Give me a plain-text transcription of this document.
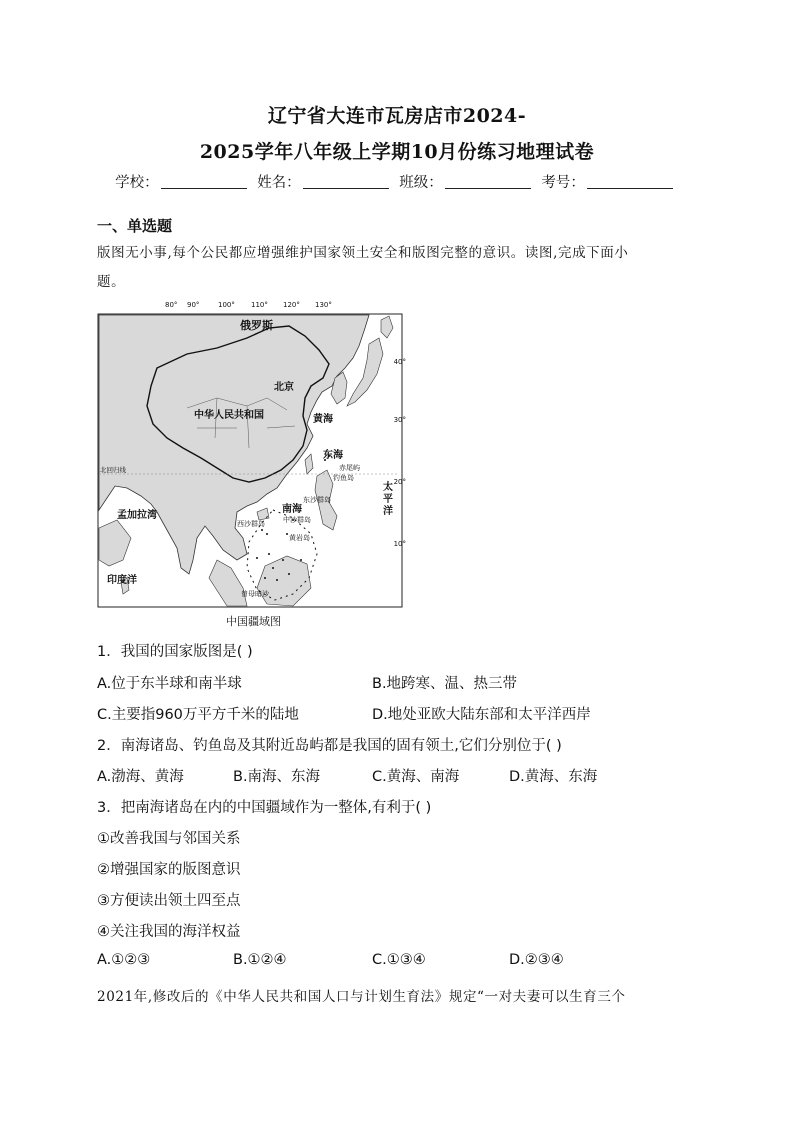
辽宁省大连市瓦房店市2024-
2025学年八年级上学期10月份练习地理试卷
学校：	姓名：	班级：	考号：
一、单选题
版图无小事,每个公民都应增强维护国家领土安全和版图完整的意识。读图,完成下面小
题。
80° 90°	100° 110° 120° 130°
40°
30°
20°
10°
俄罗斯
北京
中华人民共和国	黄海
东海
赤尾屿
钓鱼岛
太
平
洋
北回归线
孟加拉湾
东沙群岛
南海
西沙群岛	中沙群岛
黄岩岛
印度洋
曾母暗沙
中国疆域图
1．我国的国家版图是( )
A.位于东半球和南半球	B.地跨寒、温、热三带
C.主要指960万平方千米的陆地	D.地处亚欧大陆东部和太平洋西岸
2．南海诸岛、钓鱼岛及其附近岛屿都是我国的固有领土,它们分别位于( )
A.渤海、黄海	B.南海、东海	C.黄海、南海	D.黄海、东海
3．把南海诸岛在内的中国疆域作为一整体,有利于( )
①改善我国与邻国关系
②增强国家的版图意识
③方便读出领土四至点
④关注我国的海洋权益
A.①②③	B.①②④	C.①③④	D.②③④
2021年,修改后的《中华人民共和国人口与计划生育法》规定“一对夫妻可以生育三个
